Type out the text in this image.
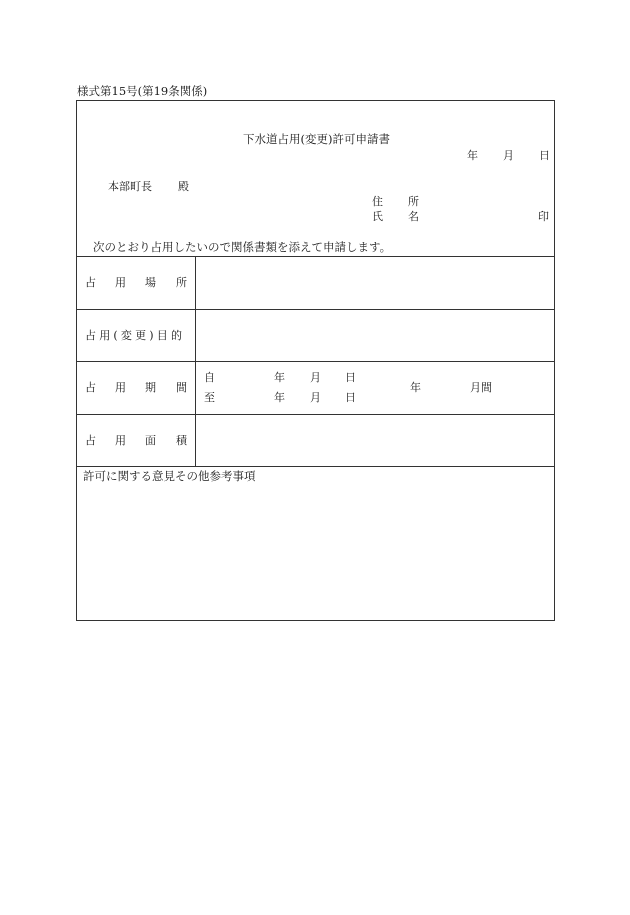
様式第15号(第19条関係)
下水道占用(変更)許可申請書
年 月 日
本部町長 殿
住 所
氏 名	印
次のとおり占用したいので関係書類を添えて申請します。
占 用 場 所
占用(変更)目的
占 用 期 間
自	年 月 日
至	年 月 日
年	月間
占 用 面 積
許可に関する意見その他参考事項
